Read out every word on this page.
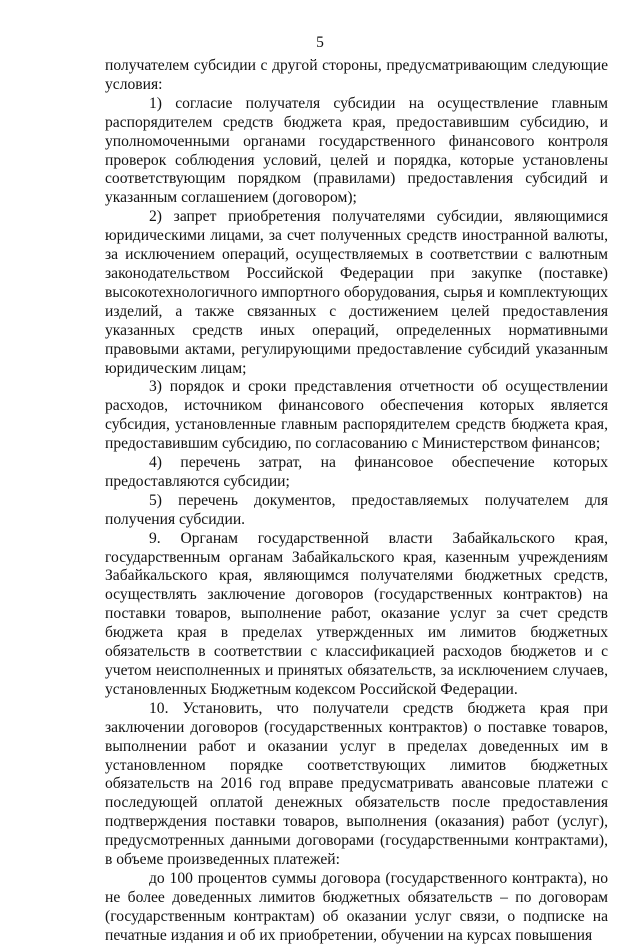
5

получателем субсидии с другой стороны, предусматривающим следующие условия:

1) согласие получателя субсидии на осуществление главным распорядителем средств бюджета края, предоставившим субсидию, и уполномоченными органами государственного финансового контроля проверок соблюдения условий, целей и порядка, которые установлены соответствующим порядком (правилами) предоставления субсидий и указанным соглашением (договором);

2) запрет приобретения получателями субсидии, являющимися юридическими лицами, за счет полученных средств иностранной валюты, за исключением операций, осуществляемых в соответствии с валютным законодательством Российской Федерации при закупке (поставке) высокотехнологичного импортного оборудования, сырья и комплектующих изделий, а также связанных с достижением целей предоставления указанных средств иных операций, определенных нормативными правовыми актами, регулирующими предоставление субсидий указанным юридическим лицам;

3) порядок и сроки представления отчетности об осуществлении расходов, источником финансового обеспечения которых является субсидия, установленные главным распорядителем средств бюджета края, предоставившим субсидию, по согласованию с Министерством финансов;

4) перечень затрат, на финансовое обеспечение которых предоставляются субсидии;

5) перечень документов, предоставляемых получателем для получения субсидии.

9. Органам государственной власти Забайкальского края, государственным органам Забайкальского края, казенным учреждениям Забайкальского края, являющимся получателями бюджетных средств, осуществлять заключение договоров (государственных контрактов) на поставки товаров, выполнение работ, оказание услуг за счет средств бюджета края в пределах утвержденных им лимитов бюджетных обязательств в соответствии с классификацией расходов бюджетов и с учетом неисполненных и принятых обязательств, за исключением случаев, установленных Бюджетным кодексом Российской Федерации.

10. Установить, что получатели средств бюджета края при заключении договоров (государственных контрактов) о поставке товаров, выполнении работ и оказании услуг в пределах доведенных им в установленном порядке соответствующих лимитов бюджетных обязательств на 2016 год вправе предусматривать авансовые платежи с последующей оплатой денежных обязательств после предоставления подтверждения поставки товаров, выполнения (оказания) работ (услуг), предусмотренных данными договорами (государственными контрактами), в объеме произведенных платежей:

до 100 процентов суммы договора (государственного контракта), но не более доведенных лимитов бюджетных обязательств – по договорам (государственным контрактам) об оказании услуг связи, о подписке на печатные издания и об их приобретении, обучении на курсах повышения
